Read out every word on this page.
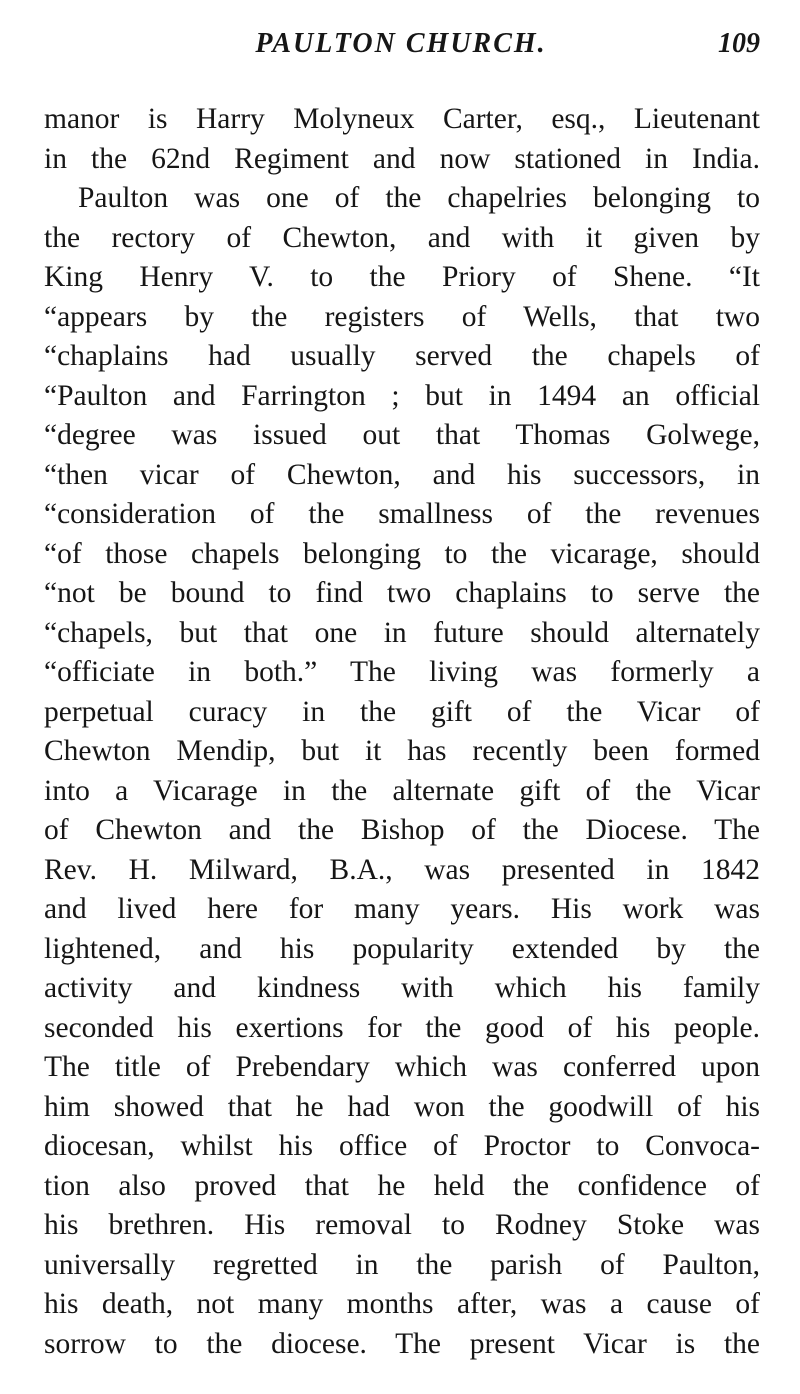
PAULTON CHURCH.	109
manor is Harry Molyneux Carter, esq., Lieutenant
in the 62nd Regiment and now stationed in India.
Paulton was one of the chapelries belonging to
the rectory of Chewton, and with it given by
King Henry V. to the Priory of Shene. “It
“appears by the registers of Wells, that two
“chaplains had usually served the chapels of
“Paulton and Farrington ; but in 1494 an official
“degree was issued out that Thomas Golwege,
“then vicar of Chewton, and his successors, in
“consideration of the smallness of the revenues
“of those chapels belonging to the vicarage, should
“not be bound to find two chaplains to serve the
“chapels, but that one in future should alternately
“officiate in both.” The living was formerly a
perpetual curacy in the gift of the Vicar of
Chewton Mendip, but it has recently been formed
into a Vicarage in the alternate gift of the Vicar
of Chewton and the Bishop of the Diocese. The
Rev. H. Milward, B.A., was presented in 1842
and lived here for many years. His work was
lightened, and his popularity extended by the
activity and kindness with which his family
seconded his exertions for the good of his people.
The title of Prebendary which was conferred upon
him showed that he had won the goodwill of his
diocesan, whilst his office of Proctor to Convoca-
tion also proved that he held the confidence of
his brethren. His removal to Rodney Stoke was
universally regretted in the parish of Paulton,
his death, not many months after, was a cause of
sorrow to the diocese. The present Vicar is the
